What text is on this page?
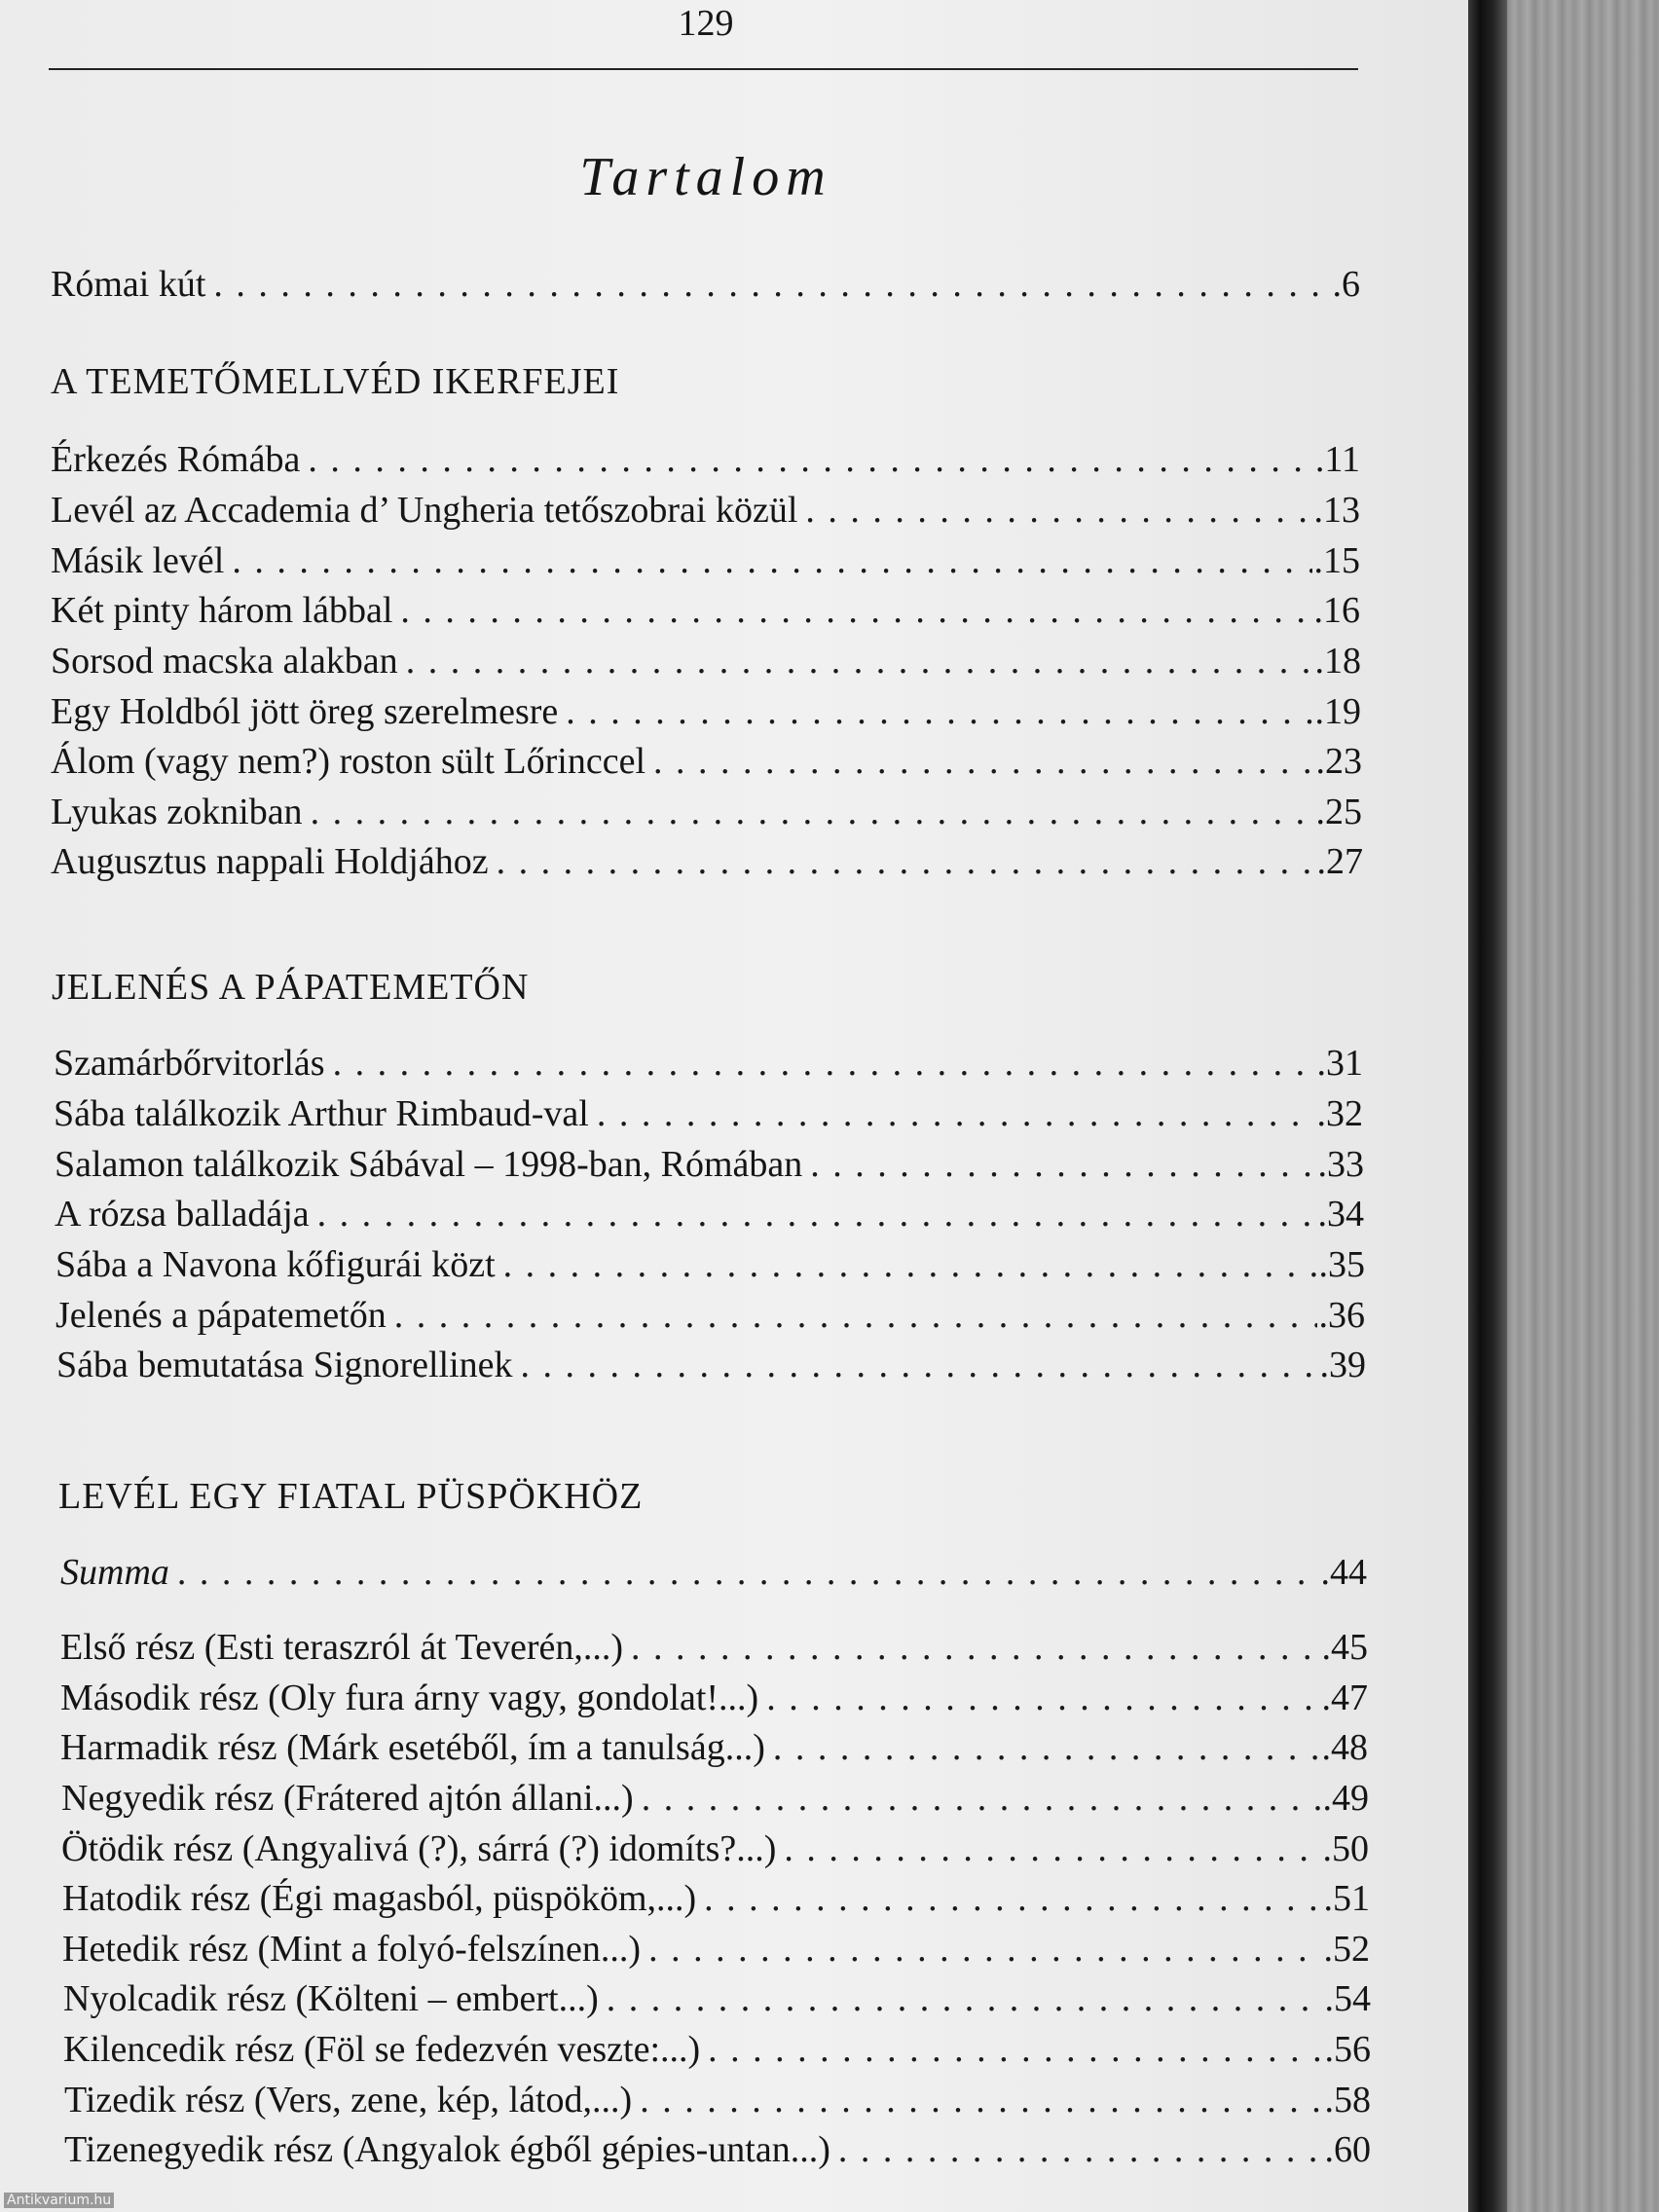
129
Tartalom
Római kút . . .	.6
A TEMETŐMELLVÉD IKERFEJEI
Érkezés Rómába . . .	.11
Levél az Accademia d’ Ungheria tetőszobrai közül . . .	.13
Másik levél . . .	.15
Két pinty három lábbal . . .	.16
Sorsod macska alakban . . .	.18
Egy Holdból jött öreg szerelmesre . . .	.19
Álom (vagy nem?) roston sült Lőrinccel . . .	.23
Lyukas zokniban . . .	.25
Augusztus nappali Holdjához . . .	.27
JELENÉS A PÁPATEMETŐN
Szamárbőrvitorlás . . .	.31
Sába találkozik Arthur Rimbaud-val . . .	.32
Salamon találkozik Sábával – 1998-ban, Rómában . . .	.33
A rózsa balladája . . .	.34
Sába a Navona kőfigurái közt . . .	.35
Jelenés a pápatemetőn . . .	.36
Sába bemutatása Signorellinek . . .	.39
LEVÉL EGY FIATAL PÜSPÖKHÖZ
Summa . . .	.44
Első rész (Esti teraszról át Teverén,...) . . .	.45
Második rész (Oly fura árny vagy, gondolat!...) . . .	.47
Harmadik rész (Márk esetéből, ím a tanulság...) . . .	.48
Negyedik rész (Frátered ajtón állani...) . . .	.49
Ötödik rész (Angyalivá (?), sárrá (?) idomíts?...) . . .	.50
Hatodik rész (Égi magasból, püspököm,...) . . .	.51
Hetedik rész (Mint a folyó-felszínen...) . . .	.52
Nyolcadik rész (Költeni – embert...) . . .	.54
Kilencedik rész (Föl se fedezvén veszte:...) . . .	.56
Tizedik rész (Vers, zene, kép, látod,...) . . .	.58
Tizenegyedik rész (Angyalok égből gépies-untan...) . . .	.60
Antikvarium.hu
